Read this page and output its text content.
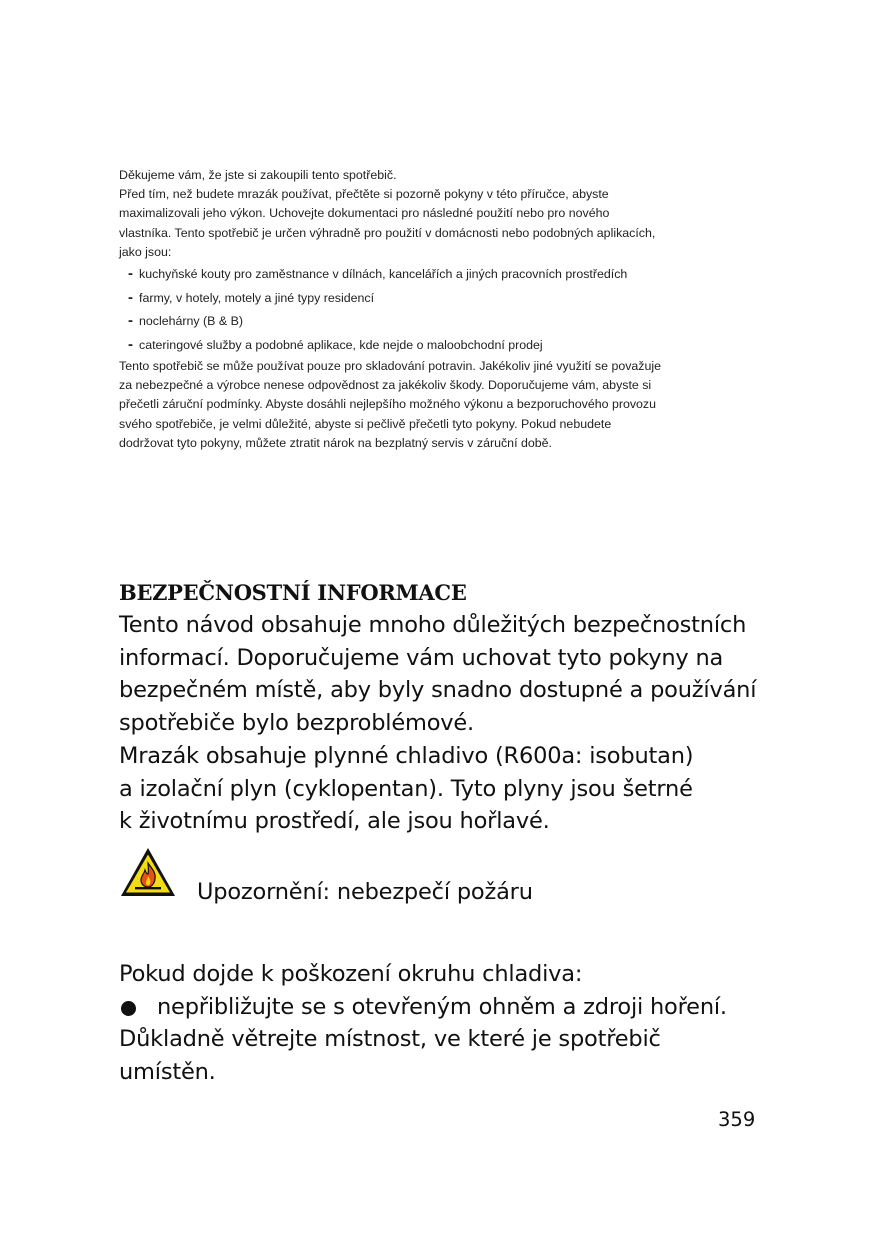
Děkujeme vám, že jste si zakoupili tento spotřebič.

Před tím, než budete mrazák používat, přečtěte si pozorně pokyny v této příručce, abyste

maximalizovali jeho výkon. Uchovejte dokumentaci pro následné použití nebo pro nového

vlastníka. Tento spotřebič je určen výhradně pro použití v domácnosti nebo podobných aplikacích,

jako jsou:

- kuchyňské kouty pro zaměstnance v dílnách, kancelářích a jiných pracovních prostředích
- farmy, v hotely, motely a jiné typy residencí
- noclehárny (B & B)
- cateringové služby a podobné aplikace, kde nejde o maloobchodní prodej

Tento spotřebič se může používat pouze pro skladování potravin. Jakékoliv jiné využití se považuje

za nebezpečné a výrobce nenese odpovědnost za jakékoliv škody. Doporučujeme vám, abyste si

přečetli záruční podmínky. Abyste dosáhli nejlepšího možného výkonu a bezporuchového provozu

svého spotřebiče, je velmi důležité, abyste si pečlivě přečetli tyto pokyny. Pokud nebudete

dodržovat tyto pokyny, můžete ztratit nárok na bezplatný servis v záruční době.

BEZPEČNOSTNÍ INFORMACE

Tento návod obsahuje mnoho důležitých bezpečnostních

informací. Doporučujeme vám uchovat tyto pokyny na

bezpečném místě, aby byly snadno dostupné a používání

spotřebiče bylo bezproblémové.

Mrazák obsahuje plynné chladivo (R600a: isobutan)

a izolační plyn (cyklopentan). Tyto plyny jsou šetrné

k životnímu prostředí, ale jsou hořlavé.

Upozornění: nebezpečí požáru

Pokud dojde k poškození okruhu chladiva:

nepřibližujte se s otevřeným ohněm a zdroji hoření.

Důkladně větrejte místnost, ve které je spotřebič

umístěn.

359
